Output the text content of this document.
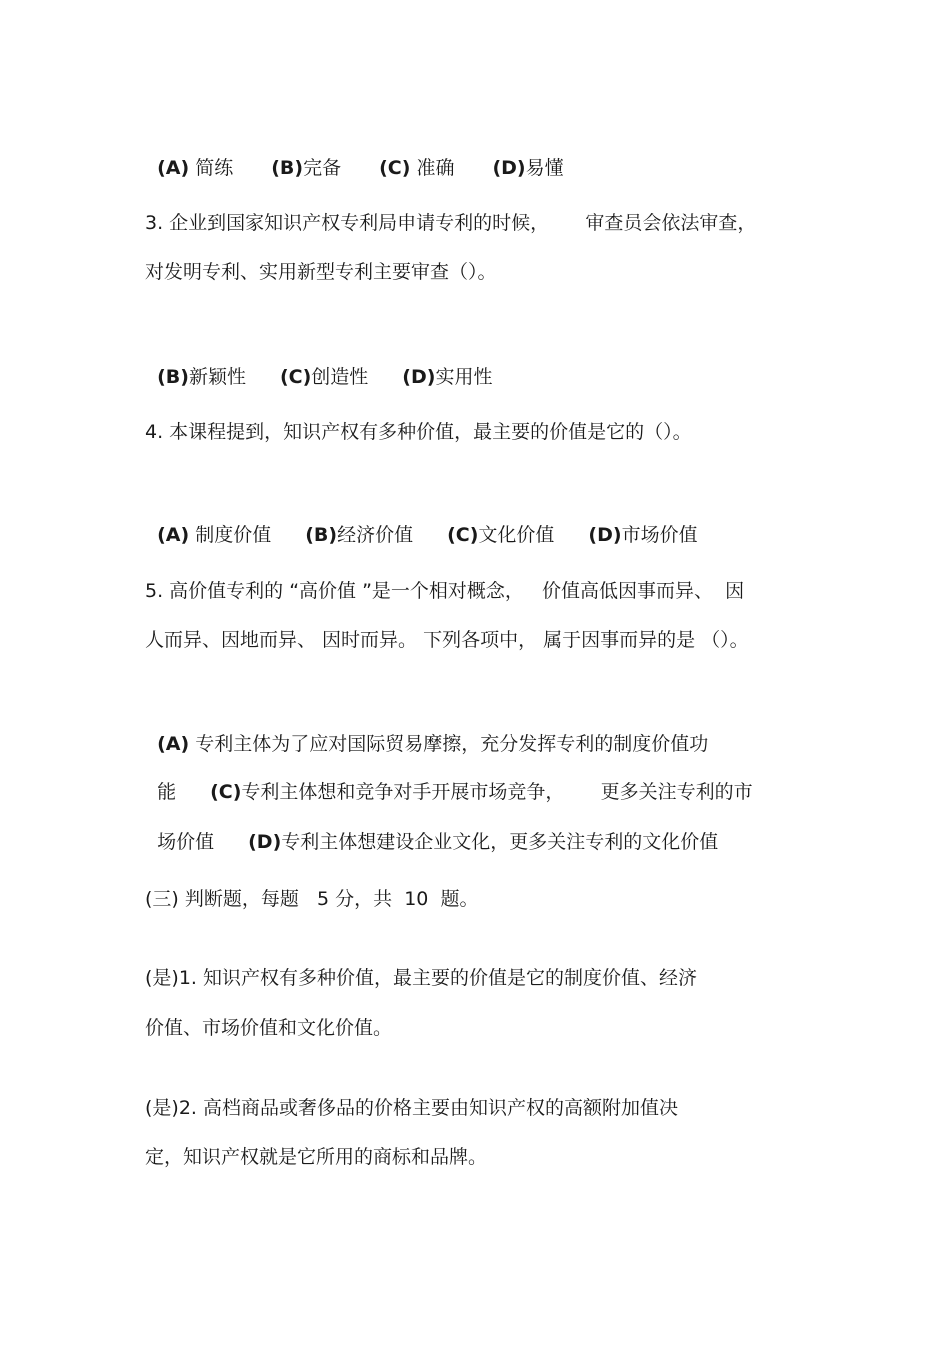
(A) 简练 (B)完备 (C) 准确 (D)易懂

3. 企业到国家知识产权专利局申请专利的时候，      审查员会依法审查，
对发明专利、实用新型专利主要审查（）。

(B)新颖性 (C)创造性 (D)实用性

4. 本课程提到，知识产权有多种价值，最主要的价值是它的（）。

(A) 制度价值 (B)经济价值 (C)文化价值 (D)市场价值

5. 高价值专利的 “高价值 ”是一个相对概念，   价值高低因事而异、  因
人而异、因地而异、 因时而异。 下列各项中， 属于因事而异的是 （）。

(A) 专利主体为了应对国际贸易摩擦，充分发挥专利的制度价值功

能 (C)专利主体想和竞争对手开展市场竞争，      更多关注专利的市

场价值 (D)专利主体想建设企业文化，更多关注专利的文化价值

(三) 判断题，每题   5 分，共  10  题。
(是)1. 知识产权有多种价值，最主要的价值是它的制度价值、经济
价值、市场价值和文化价值。
(是)2. 高档商品或奢侈品的价格主要由知识产权的高额附加值决
定，知识产权就是它所用的商标和品牌。
